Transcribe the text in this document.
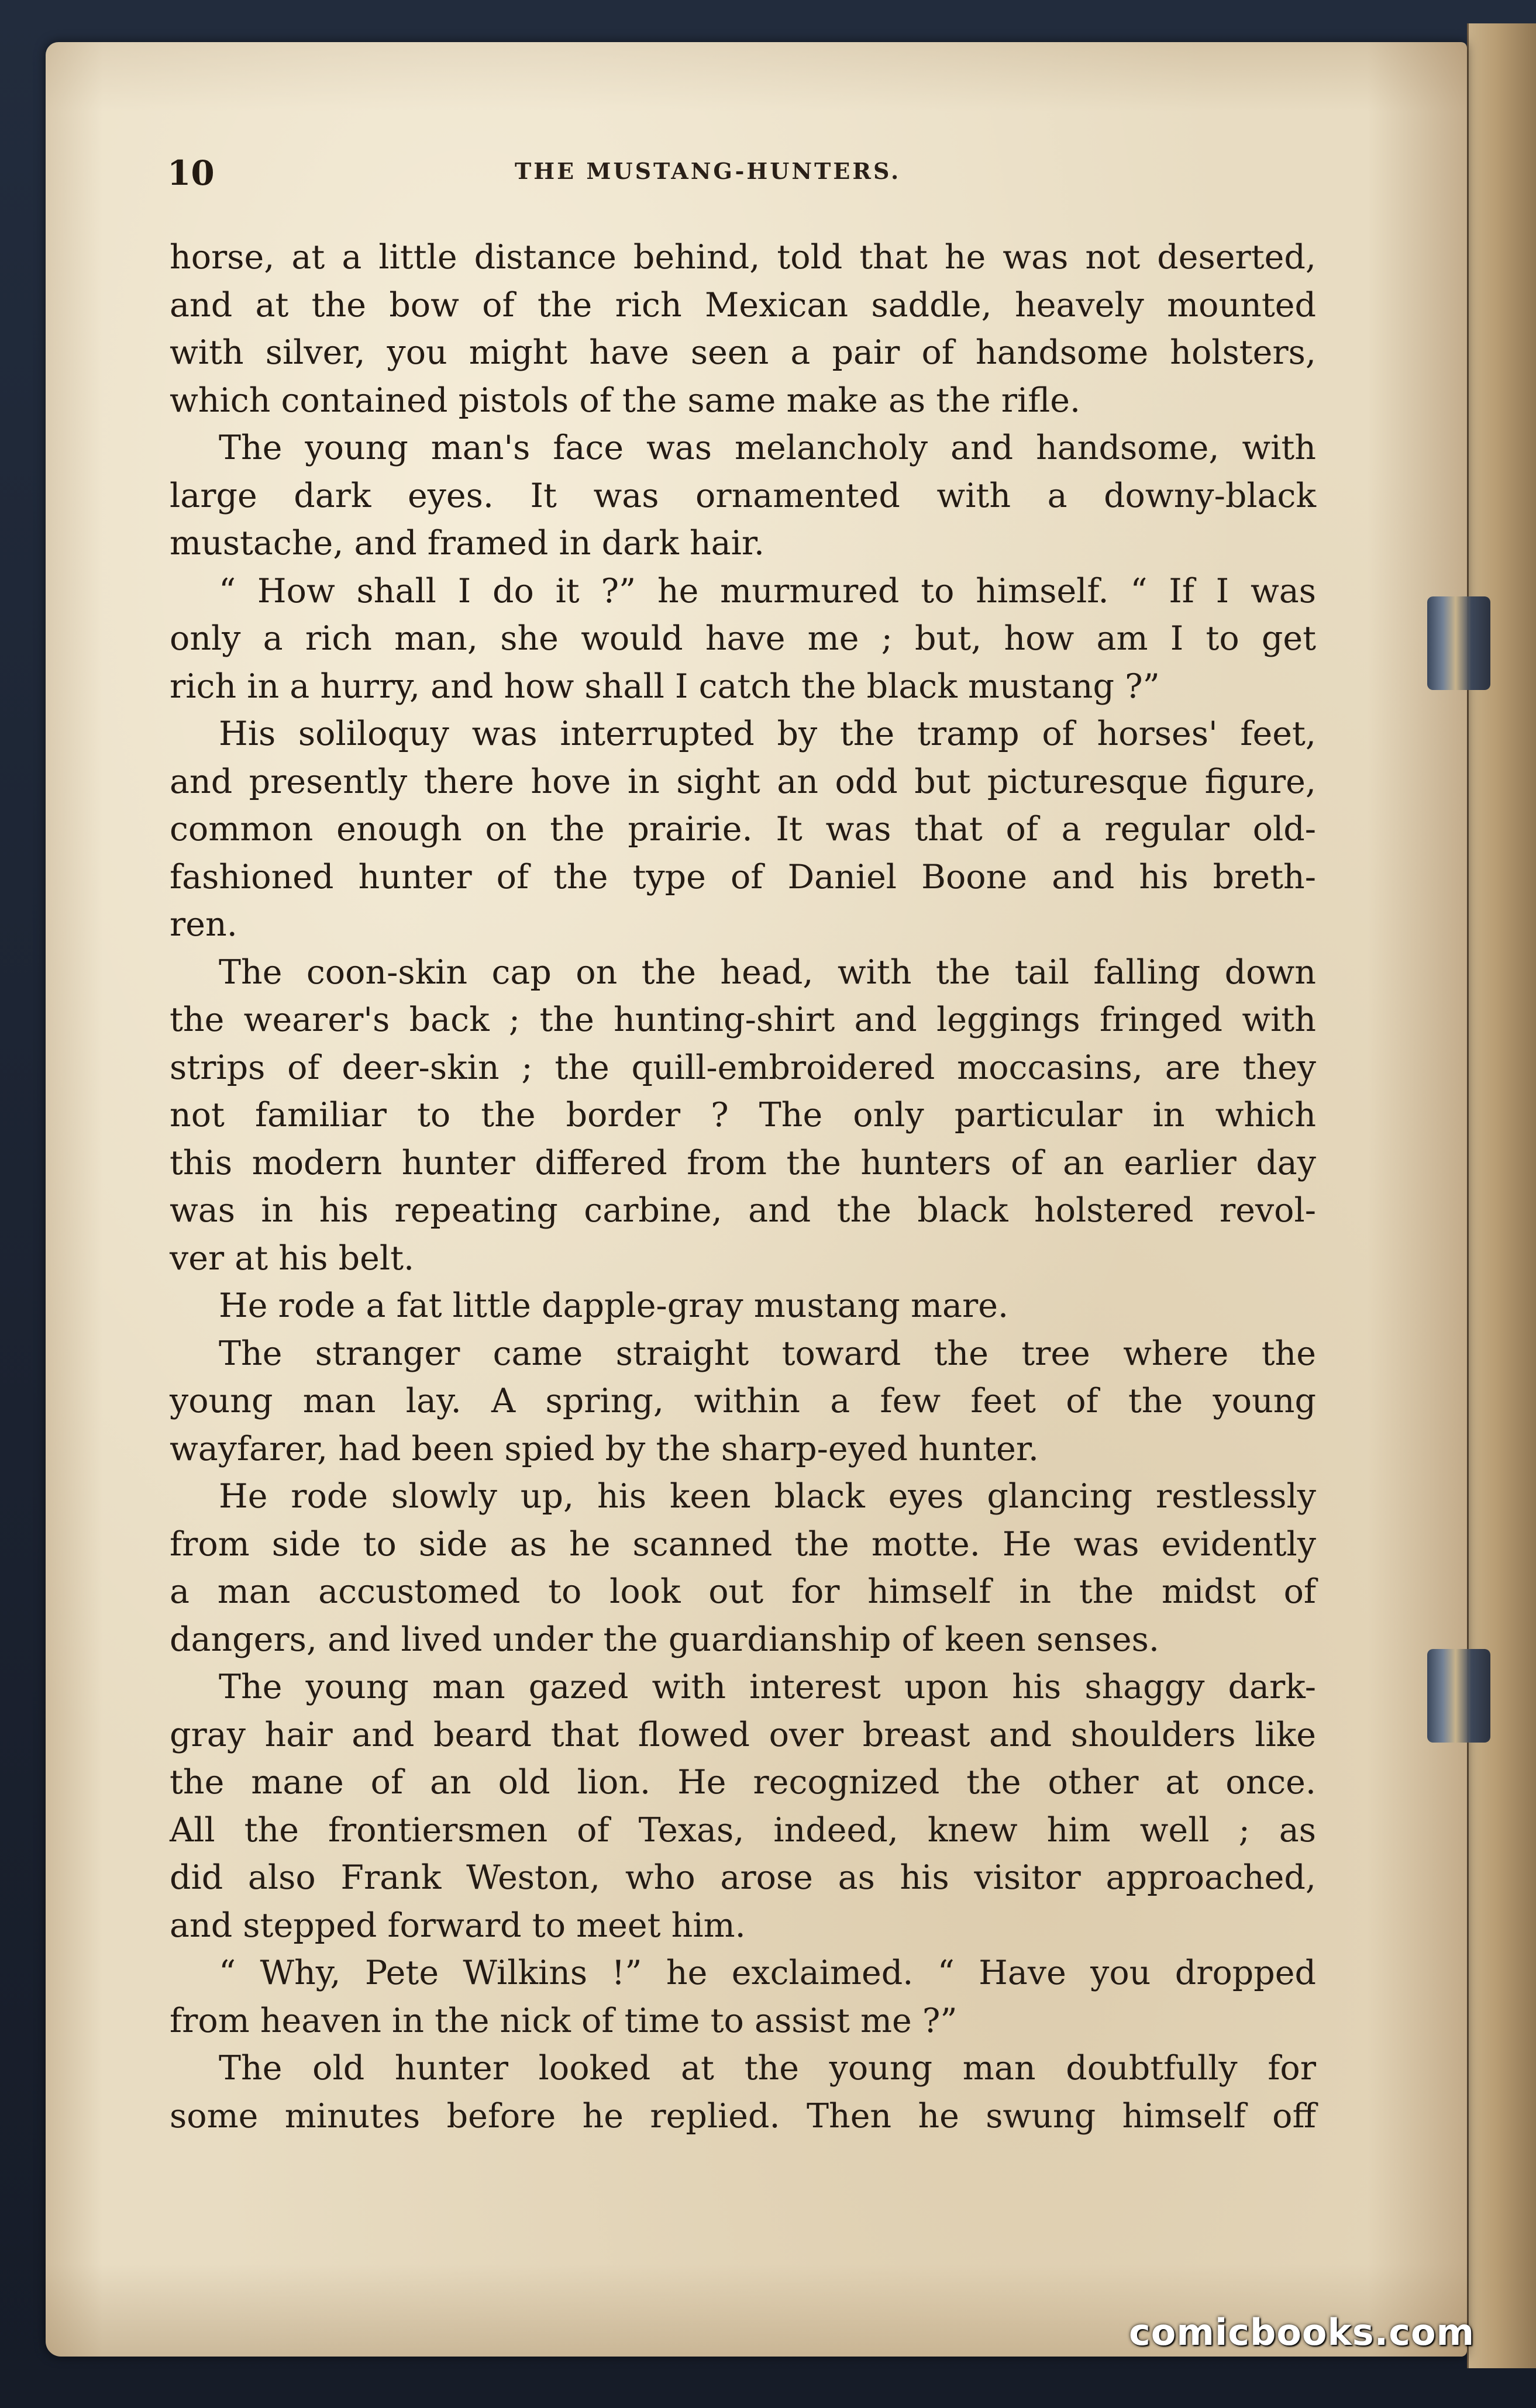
10	THE MUSTANG-HUNTERS.
horse, at a little distance behind, told that he was not deserted,
and at the bow of the rich Mexican saddle, heavely mounted
with silver, you might have seen a pair of handsome holsters,
which contained pistols of the same make as the rifle.
The young man's face was melancholy and handsome, with
large dark eyes. It was ornamented with a downy-black
mustache, and framed in dark hair.
“ How shall I do it ?” he murmured to himself. “ If I was
only a rich man, she would have me ; but, how am I to get
rich in a hurry, and how shall I catch the black mustang ?”
His soliloquy was interrupted by the tramp of horses' feet,
and presently there hove in sight an odd but picturesque figure,
common enough on the prairie. It was that of a regular old-
fashioned hunter of the type of Daniel Boone and his breth-
ren.
The coon-skin cap on the head, with the tail falling down
the wearer's back ; the hunting-shirt and leggings fringed with
strips of deer-skin ; the quill-embroidered moccasins, are they
not familiar to the border ? The only particular in which
this modern hunter differed from the hunters of an earlier day
was in his repeating carbine, and the black holstered revol-
ver at his belt.
He rode a fat little dapple-gray mustang mare.
The stranger came straight toward the tree where the
young man lay. A spring, within a few feet of the young
wayfarer, had been spied by the sharp-eyed hunter.
He rode slowly up, his keen black eyes glancing restlessly
from side to side as he scanned the motte. He was evidently
a man accustomed to look out for himself in the midst of
dangers, and lived under the guardianship of keen senses.
The young man gazed with interest upon his shaggy dark-
gray hair and beard that flowed over breast and shoulders like
the mane of an old lion. He recognized the other at once.
All the frontiersmen of Texas, indeed, knew him well ; as
did also Frank Weston, who arose as his visitor approached,
and stepped forward to meet him.
“ Why, Pete Wilkins !” he exclaimed. “ Have you dropped
from heaven in the nick of time to assist me ?”
The old hunter looked at the young man doubtfully for
some minutes before he replied. Then he swung himself off
comicbooks.com
